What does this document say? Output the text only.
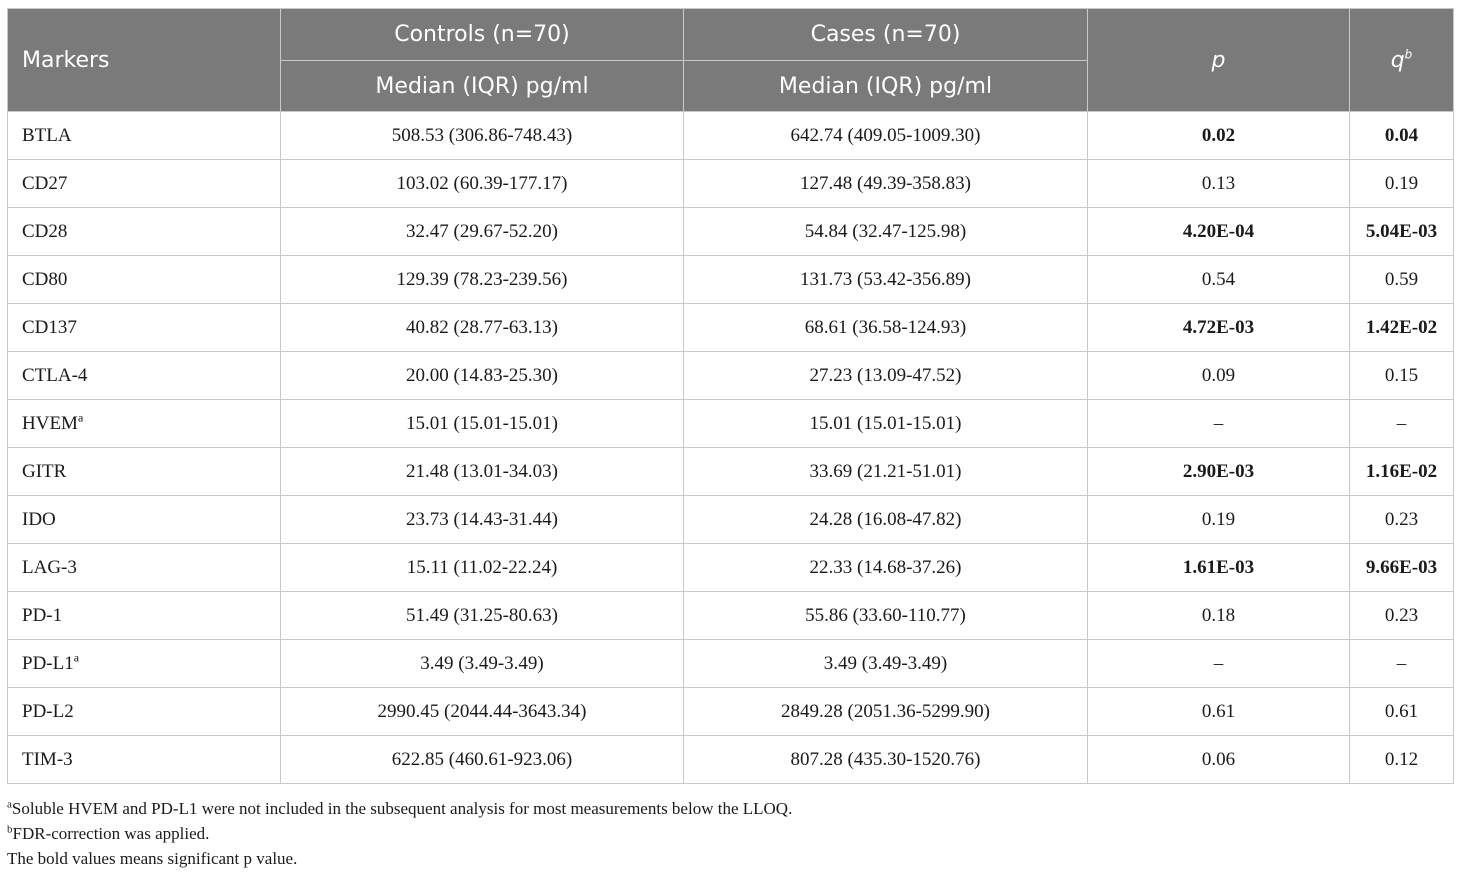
Markers	Controls (n=70)	Cases (n=70)	p	$q^b$
	Median (IQR) pg/ml	Median (IQR) pg/ml		
BTLA	508.53 (306.86-748.43)	642.74 (409.05-1009.30)	0.02	0.04
CD27	103.02 (60.39-177.17)	127.48 (49.39-358.83)	0.13	0.19
CD28	32.47 (29.67-52.20)	54.84 (32.47-125.98)	4.20E-04	5.04E-03
CD80	129.39 (78.23-239.56)	131.73 (53.42-356.89)	0.54	0.59
CD137	40.82 (28.77-63.13)	68.61 (36.58-124.93)	4.72E-03	1.42E-02
CTLA-4	20.00 (14.83-25.30)	27.23 (13.09-47.52)	0.09	0.15
HVEM$^a$	15.01 (15.01-15.01)	15.01 (15.01-15.01)	–	–
GITR	21.48 (13.01-34.03)	33.69 (21.21-51.01)	2.90E-03	1.16E-02
IDO	23.73 (14.43-31.44)	24.28 (16.08-47.82)	0.19	0.23
LAG-3	15.11 (11.02-22.24)	22.33 (14.68-37.26)	1.61E-03	9.66E-03
PD-1	51.49 (31.25-80.63)	55.86 (33.60-110.77)	0.18	0.23
PD-L1$^a$	3.49 (3.49-3.49)	3.49 (3.49-3.49)	–	–
PD-L2	2990.45 (2044.44-3643.34)	2849.28 (2051.36-5299.90)	0.61	0.61
TIM-3	622.85 (460.61-923.06)	807.28 (435.30-1520.76)	0.06	0.12
$^a$Soluble HVEM and PD-L1 were not included in the subsequent analysis for most measurements below the LLOQ.
$^b$FDR-correction was applied.
The bold values means significant p value.
